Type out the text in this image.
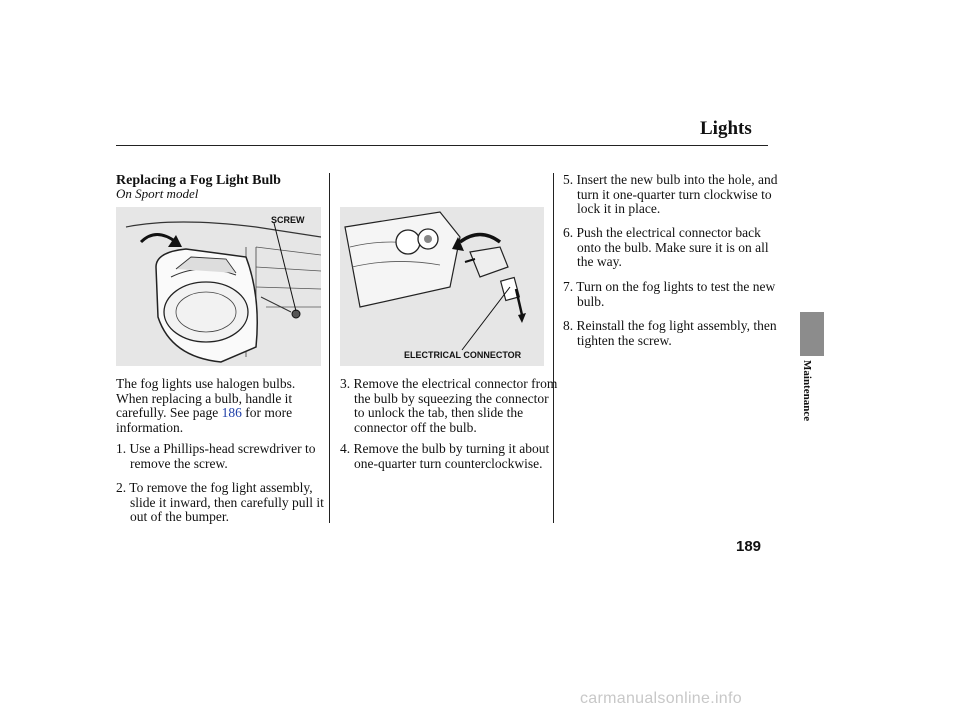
Lights
Replacing a Fog Light Bulb
On Sport model
SCREW
ELECTRICAL CONNECTOR
The fog lights use halogen bulbs. When replacing a bulb, handle it carefully. See page 186 for more information.
1. Use a Phillips-head screwdriver to remove the screw.
2. To remove the fog light assembly, slide it inward, then carefully pull it out of the bumper.
3. Remove the electrical connector from the bulb by squeezing the connector to unlock the tab, then slide the connector off the bulb.
4. Remove the bulb by turning it about one-quarter turn counterclockwise.
5. Insert the new bulb into the hole, and turn it one-quarter turn clockwise to lock it in place.
6. Push the electrical connector back onto the bulb. Make sure it is on all the way.
7. Turn on the fog lights to test the new bulb.
8. Reinstall the fog light assembly, then tighten the screw.
Maintenance
189
carmanualsonline.info
